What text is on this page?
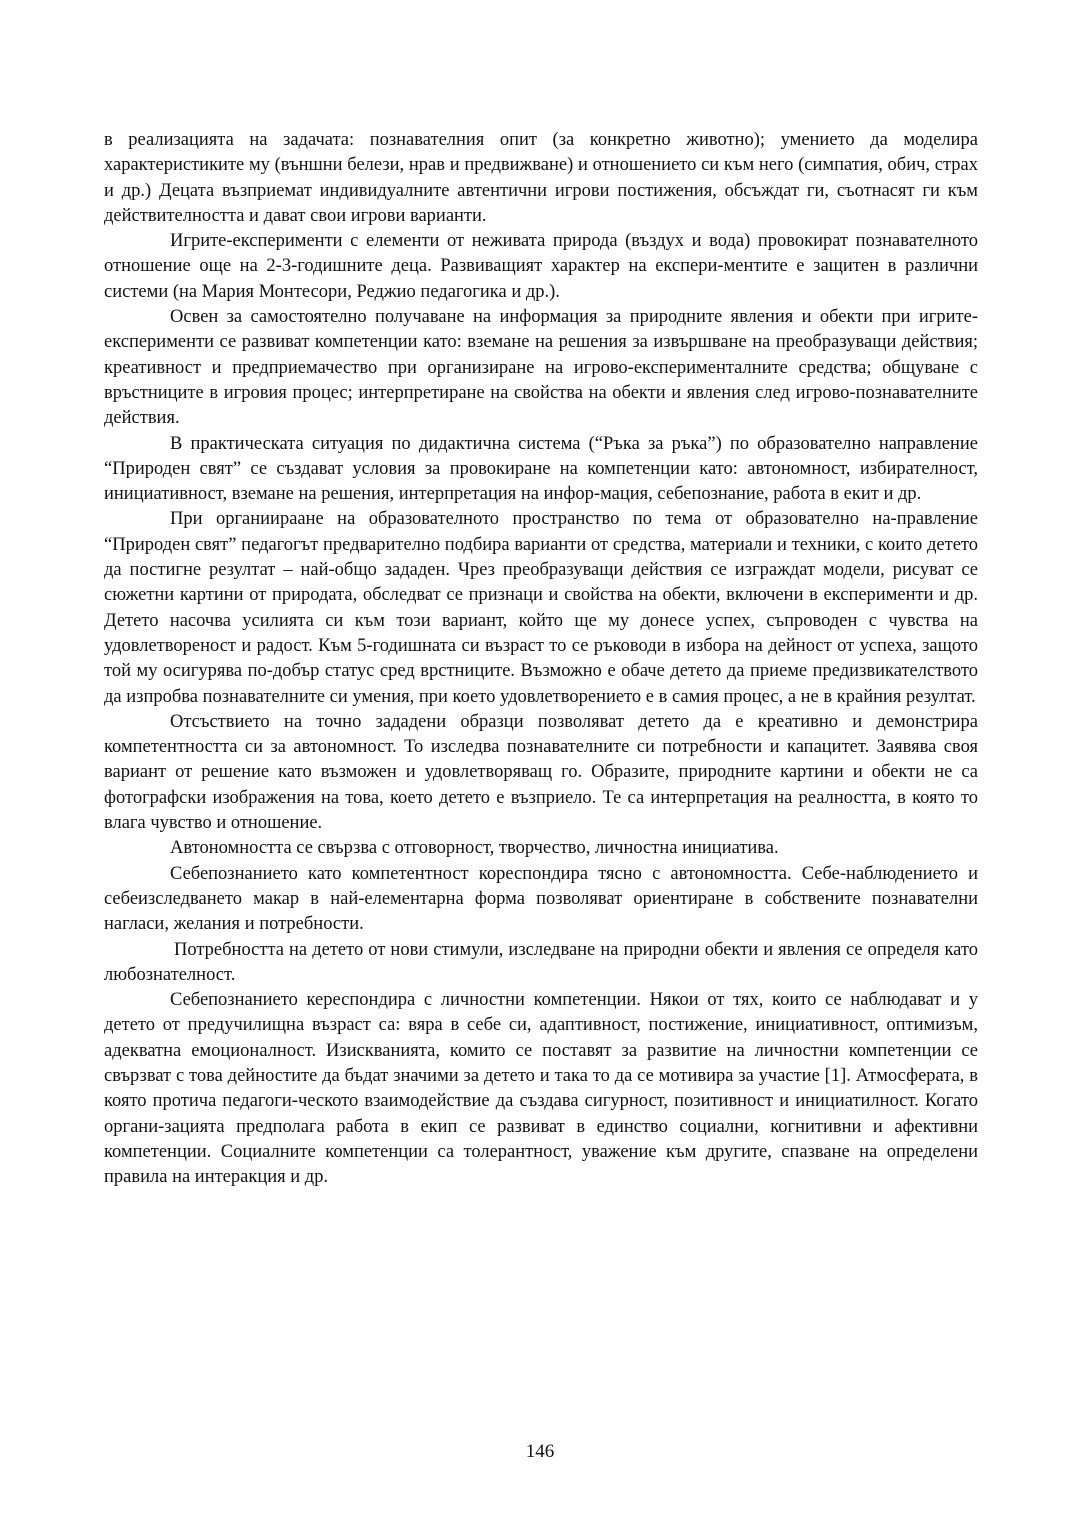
в реализацията на задачата: познавателния опит (за конкретно животно); умението да моделира характеристиките му (външни белези, нрав и предвижване) и отношението си към него (симпатия, обич, страх и др.) Децата възприемат индивидуалните автентични игрови постижения, обсъждат ги, съотнасят ги към действителността и дават свои игрови варианти.

Игрите-експерименти с елементи от неживата природа (въздух и вода) провокират познавателното отношение още на 2-3-годишните деца. Развиващият характер на експери-ментите е защитен в различни системи (на Мария Монтесори, Реджио педагогика и др.).

Освен за самостоятелно получаване на информация за природните явления и обекти при игрите-експерименти се развиват компетенции като: вземане на решения за извършване на преобразуващи действия; креативност и предприемачество при организиране на игрово-експерименталните средства; общуване с връстниците в игровия процес; интерпретиране на свойства на обекти и явления след игрово-познавателните действия.

В практическата ситуация по дидактична система (“Ръка за ръка”) по образователно направление “Природен свят” се създават условия за провокиране на компетенции като: автономност, избирателност, инициативност, вземане на решения, интерпретация на инфор-мация, себепознание, работа в екит и др.

При органиираане на образователното пространство по тема от образователно на-правление “Природен свят” педагогът предварително подбира варианти от средства, материали и техники, с които детето да постигне резултат – най-общо зададен. Чрез преобразуващи действия се изграждат модели, рисуват се сюжетни картини от природата, обследват се признаци и свойства на обекти, включени в експерименти и др. Детето насочва усилията си към този вариант, който ще му донесе успех, съпроводен с чувства на удовлетвореност и радост. Към 5-годишната си възраст то се ръководи в избора на дейност от успеха, защото той му осигурява по-добър статус сред врстниците. Възможно е обаче детето да приеме предизвикателството да изпробва познавателните си умения, при което удовлетворението е в самия процес, а не в крайния резултат.

Отсъствието на точно зададени образци позволяват детето да е креативно и демонстрира компетентността си за автономност. То изследва познавателните си потребности и капацитет. Заявява своя вариант от решение като възможен и удовлетворяващ го. Образите, природните картини и обекти не са фотографски изображения на това, което детето е възприело. Те са интерпретация на реалността, в която то влага чувство и отношение.

Автономността се свързва с отговорност, творчество, личностна инициатива.

Себепознанието като компетентност кореспондира тясно с автономността. Себе-наблюдението и себеизследването макар в най-елементарна форма позволяват ориентиране в собствените познавателни нагласи, желания и потребности.

Потребността на детето от нови стимули, изследване на природни обекти и явления се определя като любознателност.

Себепознанието кереспондира с личностни компетенции. Някои от тях, които се наблюдават и у детето от предучилищна възраст са: вяра в себе си, адаптивност, постижение, инициативност, оптимизъм, адекватна емоционалност. Изискванията, комито се поставят за развитие на личностни компетенции се свързват с това дейностите да бъдат значими за детето и така то да се мотивира за участие [1]. Атмосферата, в която протича педагоги-ческото взаимодействие да създава сигурност, позитивност и инициатилност. Когато органи-зацията предполага работа в екип се развиват в единство социални, когнитивни и афективни компетенции. Социалните компетенции са толерантност, уважение към другите, спазване на определени правила на интеракция и др.

146
